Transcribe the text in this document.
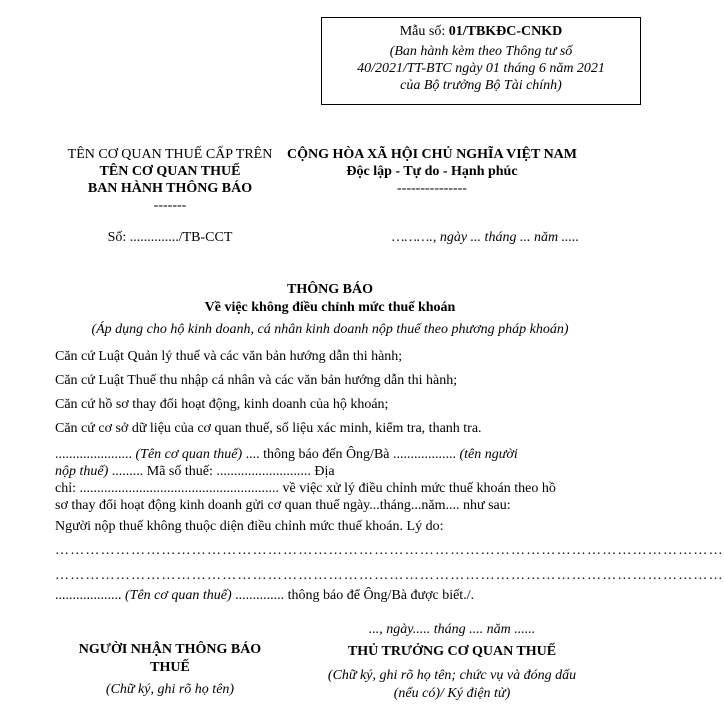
Mẫu số: 01/TBKĐC-CNKD
(Ban hành kèm theo Thông tư số
40/2021/TT-BTC ngày 01 tháng 6 năm 2021
của Bộ trưởng Bộ Tài chính)
TÊN CƠ QUAN THUẾ CẤP TRÊN
TÊN CƠ QUAN THUẾ
BAN HÀNH THÔNG BÁO
-------
CỘNG HÒA XÃ HỘI CHỦ NGHĨA VIỆT NAM
Độc lập - Tự do - Hạnh phúc
---------------
Số: ............../TB-CCT	………., ngày ... tháng ... năm .....
THÔNG BÁO
Về việc không điều chỉnh mức thuế khoán
(Áp dụng cho hộ kinh doanh, cá nhân kinh doanh nộp thuế theo phương pháp khoán)
Căn cứ Luật Quản lý thuế và các văn bản hướng dẫn thi hành;
Căn cứ Luật Thuế thu nhập cá nhân và các văn bản hướng dẫn thi hành;
Căn cứ hồ sơ thay đổi hoạt động, kinh doanh của hộ khoán;
Căn cứ cơ sở dữ liệu của cơ quan thuế, số liệu xác minh, kiểm tra, thanh tra.
...................... (Tên cơ quan thuế) .... thông báo đến Ông/Bà .................. (tên người
nộp thuế) ......... Mã số thuế: ........................... Địa
chỉ: ......................................................... về việc xử lý điều chỉnh mức thuế khoán theo hồ
sơ thay đổi hoạt động kinh doanh gửi cơ quan thuế ngày...tháng...năm.... như sau:
Người nộp thuế không thuộc diện điều chỉnh mức thuế khoán. Lý do:
……………………………………………………………………………………………………………………
……………………………………………………………………………………………………………………
................... (Tên cơ quan thuế) .............. thông báo để Ông/Bà được biết./.
NGƯỜI NHẬN THÔNG BÁO
THUẾ
(Chữ ký, ghi rõ họ tên)
..., ngày..... tháng .... năm ......
THỦ TRƯỞNG CƠ QUAN THUẾ
(Chữ ký, ghi rõ họ tên; chức vụ và đóng dấu
(nếu có)/ Ký điện tử)
